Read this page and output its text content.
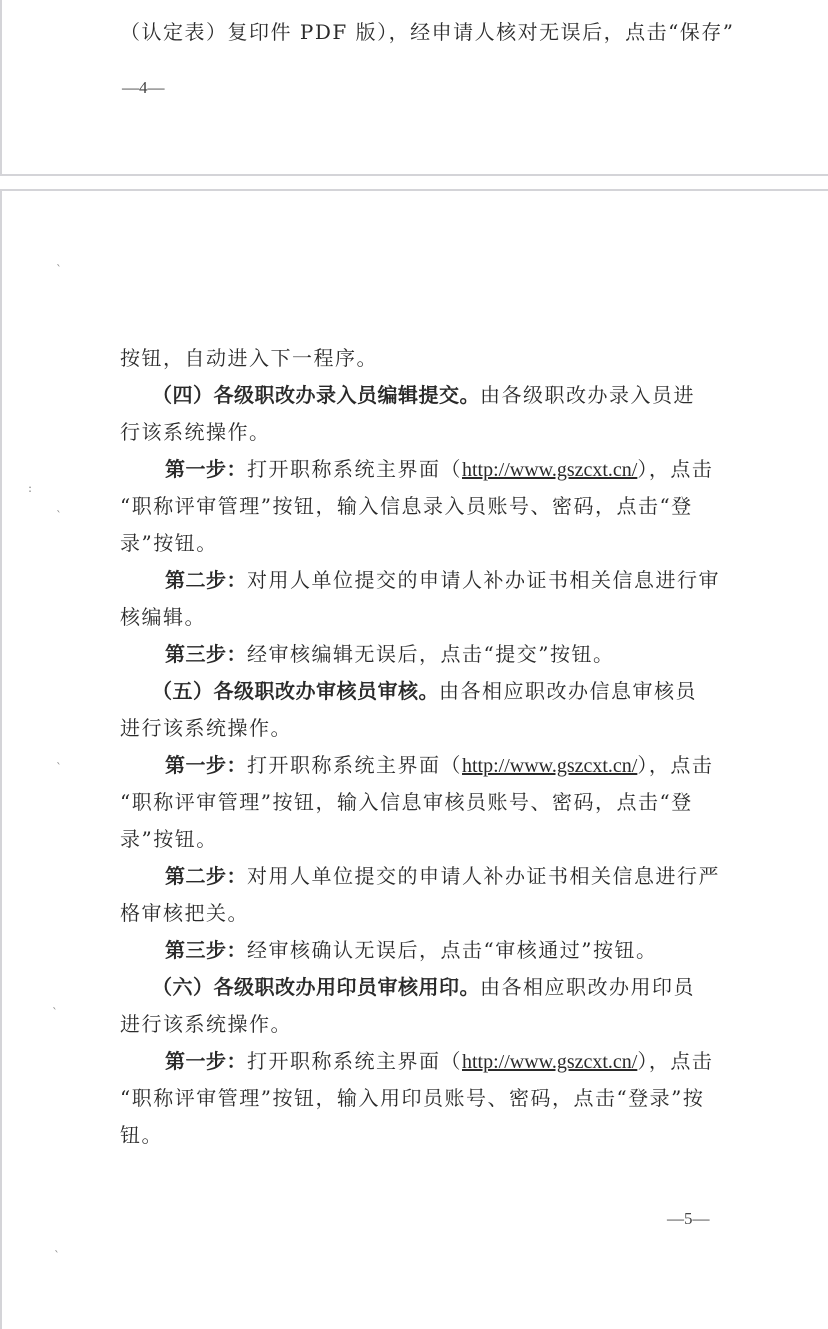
（认定表）复印件 PDF 版），经申请人核对无误后，点击“保存”
—4—
`
:
`
`
`
`
按钮，自动进入下一程序。
（四）各级职改办录入员编辑提交。由各级职改办录入员进
行该系统操作。
第一步：打开职称系统主界面（http://www.gszcxt.cn/），点击
“职称评审管理”按钮，输入信息录入员账号、密码，点击“登
录”按钮。
第二步：对用人单位提交的申请人补办证书相关信息进行审
核编辑。
第三步：经审核编辑无误后，点击“提交”按钮。
（五）各级职改办审核员审核。由各相应职改办信息审核员
进行该系统操作。
第一步：打开职称系统主界面（http://www.gszcxt.cn/），点击
“职称评审管理”按钮，输入信息审核员账号、密码，点击“登
录”按钮。
第二步：对用人单位提交的申请人补办证书相关信息进行严
格审核把关。
第三步：经审核确认无误后，点击“审核通过”按钮。
（六）各级职改办用印员审核用印。由各相应职改办用印员
进行该系统操作。
第一步：打开职称系统主界面（http://www.gszcxt.cn/），点击
“职称评审管理”按钮，输入用印员账号、密码，点击“登录”按
钮。
—5—
